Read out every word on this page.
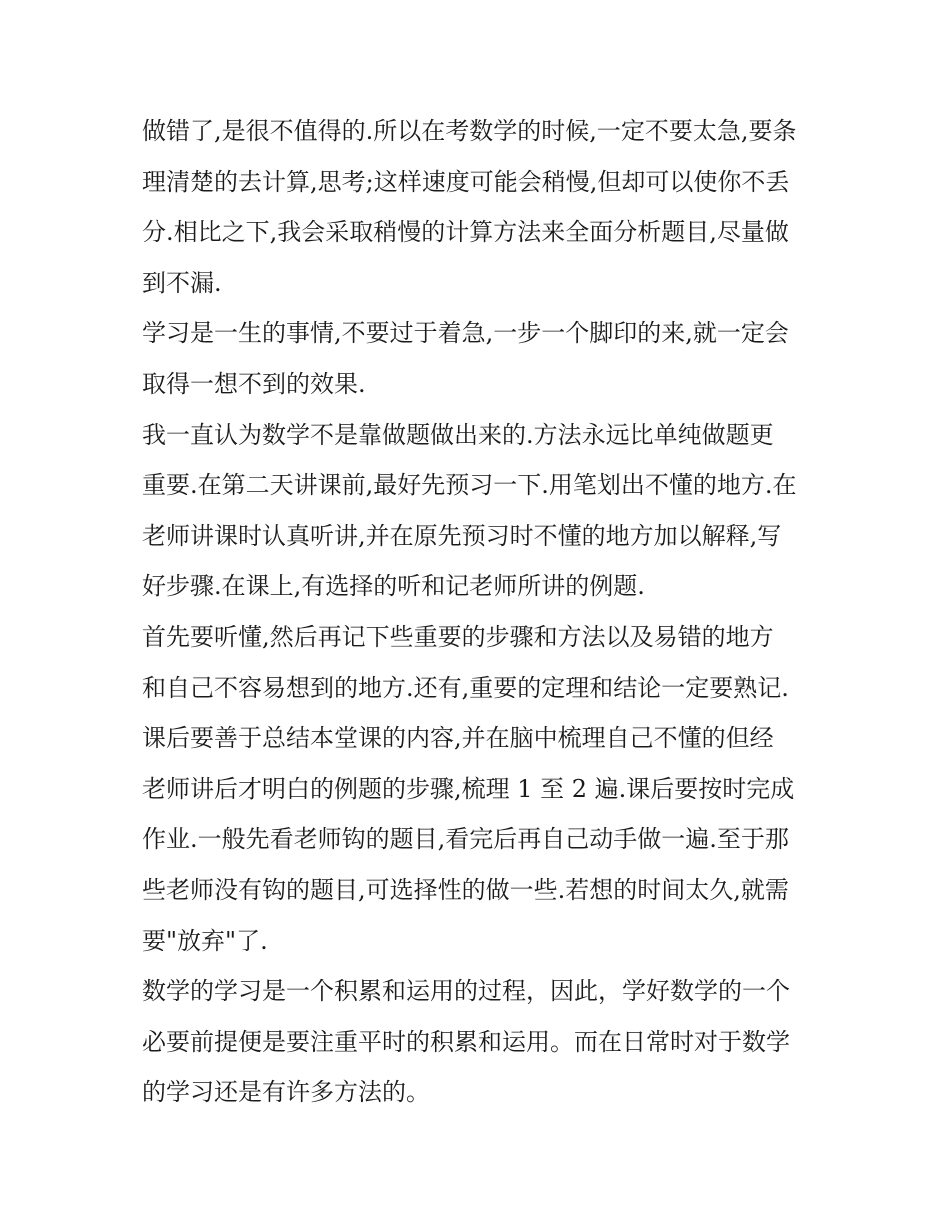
做错了,是很不值得的.所以在考数学的时候,一定不要太急,要条
理清楚的去计算,思考;这样速度可能会稍慢,但却可以使你不丢
分.相比之下,我会采取稍慢的计算方法来全面分析题目,尽量做
到不漏.
学习是一生的事情,不要过于着急,一步一个脚印的来,就一定会
取得一想不到的效果.
我一直认为数学不是靠做题做出来的.方法永远比单纯做题更
重要.在第二天讲课前,最好先预习一下.用笔划出不懂的地方.在
老师讲课时认真听讲,并在原先预习时不懂的地方加以解释,写
好步骤.在课上,有选择的听和记老师所讲的例题.
首先要听懂,然后再记下些重要的步骤和方法以及易错的地方
和自己不容易想到的地方.还有,重要的定理和结论一定要熟记.
课后要善于总结本堂课的内容,并在脑中梳理自己不懂的但经
老师讲后才明白的例题的步骤,梳理 1 至 2 遍.课后要按时完成
作业.一般先看老师钩的题目,看完后再自己动手做一遍.至于那
些老师没有钩的题目,可选择性的做一些.若想的时间太久,就需
要"放弃"了.
数学的学习是一个积累和运用的过程，因此，学好数学的一个
必要前提便是要注重平时的积累和运用。而在日常时对于数学
的学习还是有许多方法的。
